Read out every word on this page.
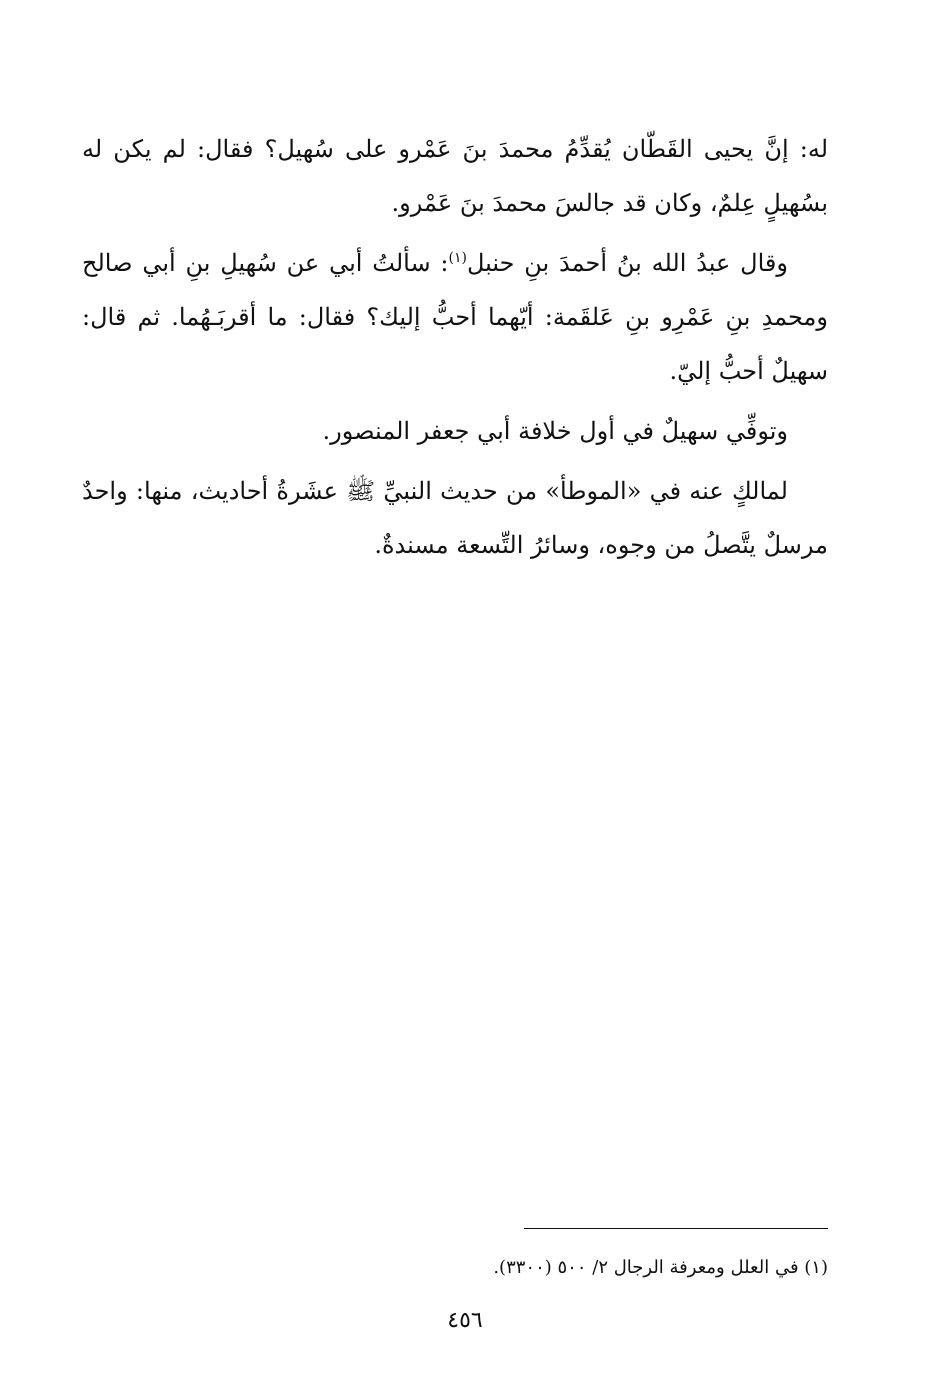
له: إنَّ يحيى القَطّان يُقدِّمُ محمدَ بنَ عَمْرو على سُهيل؟ فقال: لم يكن له بسُهيلٍ عِلمٌ، وكان قد جالسَ محمدَ بنَ عَمْرو.

وقال عبدُ الله بنُ أحمدَ بنِ حنبل$^{(١)}$: سألتُ أبي عن سُهيلِ بنِ أبي صالح ومحمدِ بنِ عَمْرِو بنِ عَلقَمة: أيّهما أحبُّ إليك؟ فقال: ما أقربَـهُما. ثم قال: سهيلٌ أحبُّ إليّ.

وتوفِّي سهيلٌ في أول خلافة أبي جعفر المنصور.

لمالكٍ عنه في «الموطأ» من حديث النبيِّ ﷺ عشَرةُ أحاديث، منها: واحدٌ مرسلٌ يتَّصلُ من وجوه، وسائرُ التِّسعة مسندةٌ.

(١) في العلل ومعرفة الرجال ٢/ ٥٠٠ (٣٣٠٠).

٤٥٦
